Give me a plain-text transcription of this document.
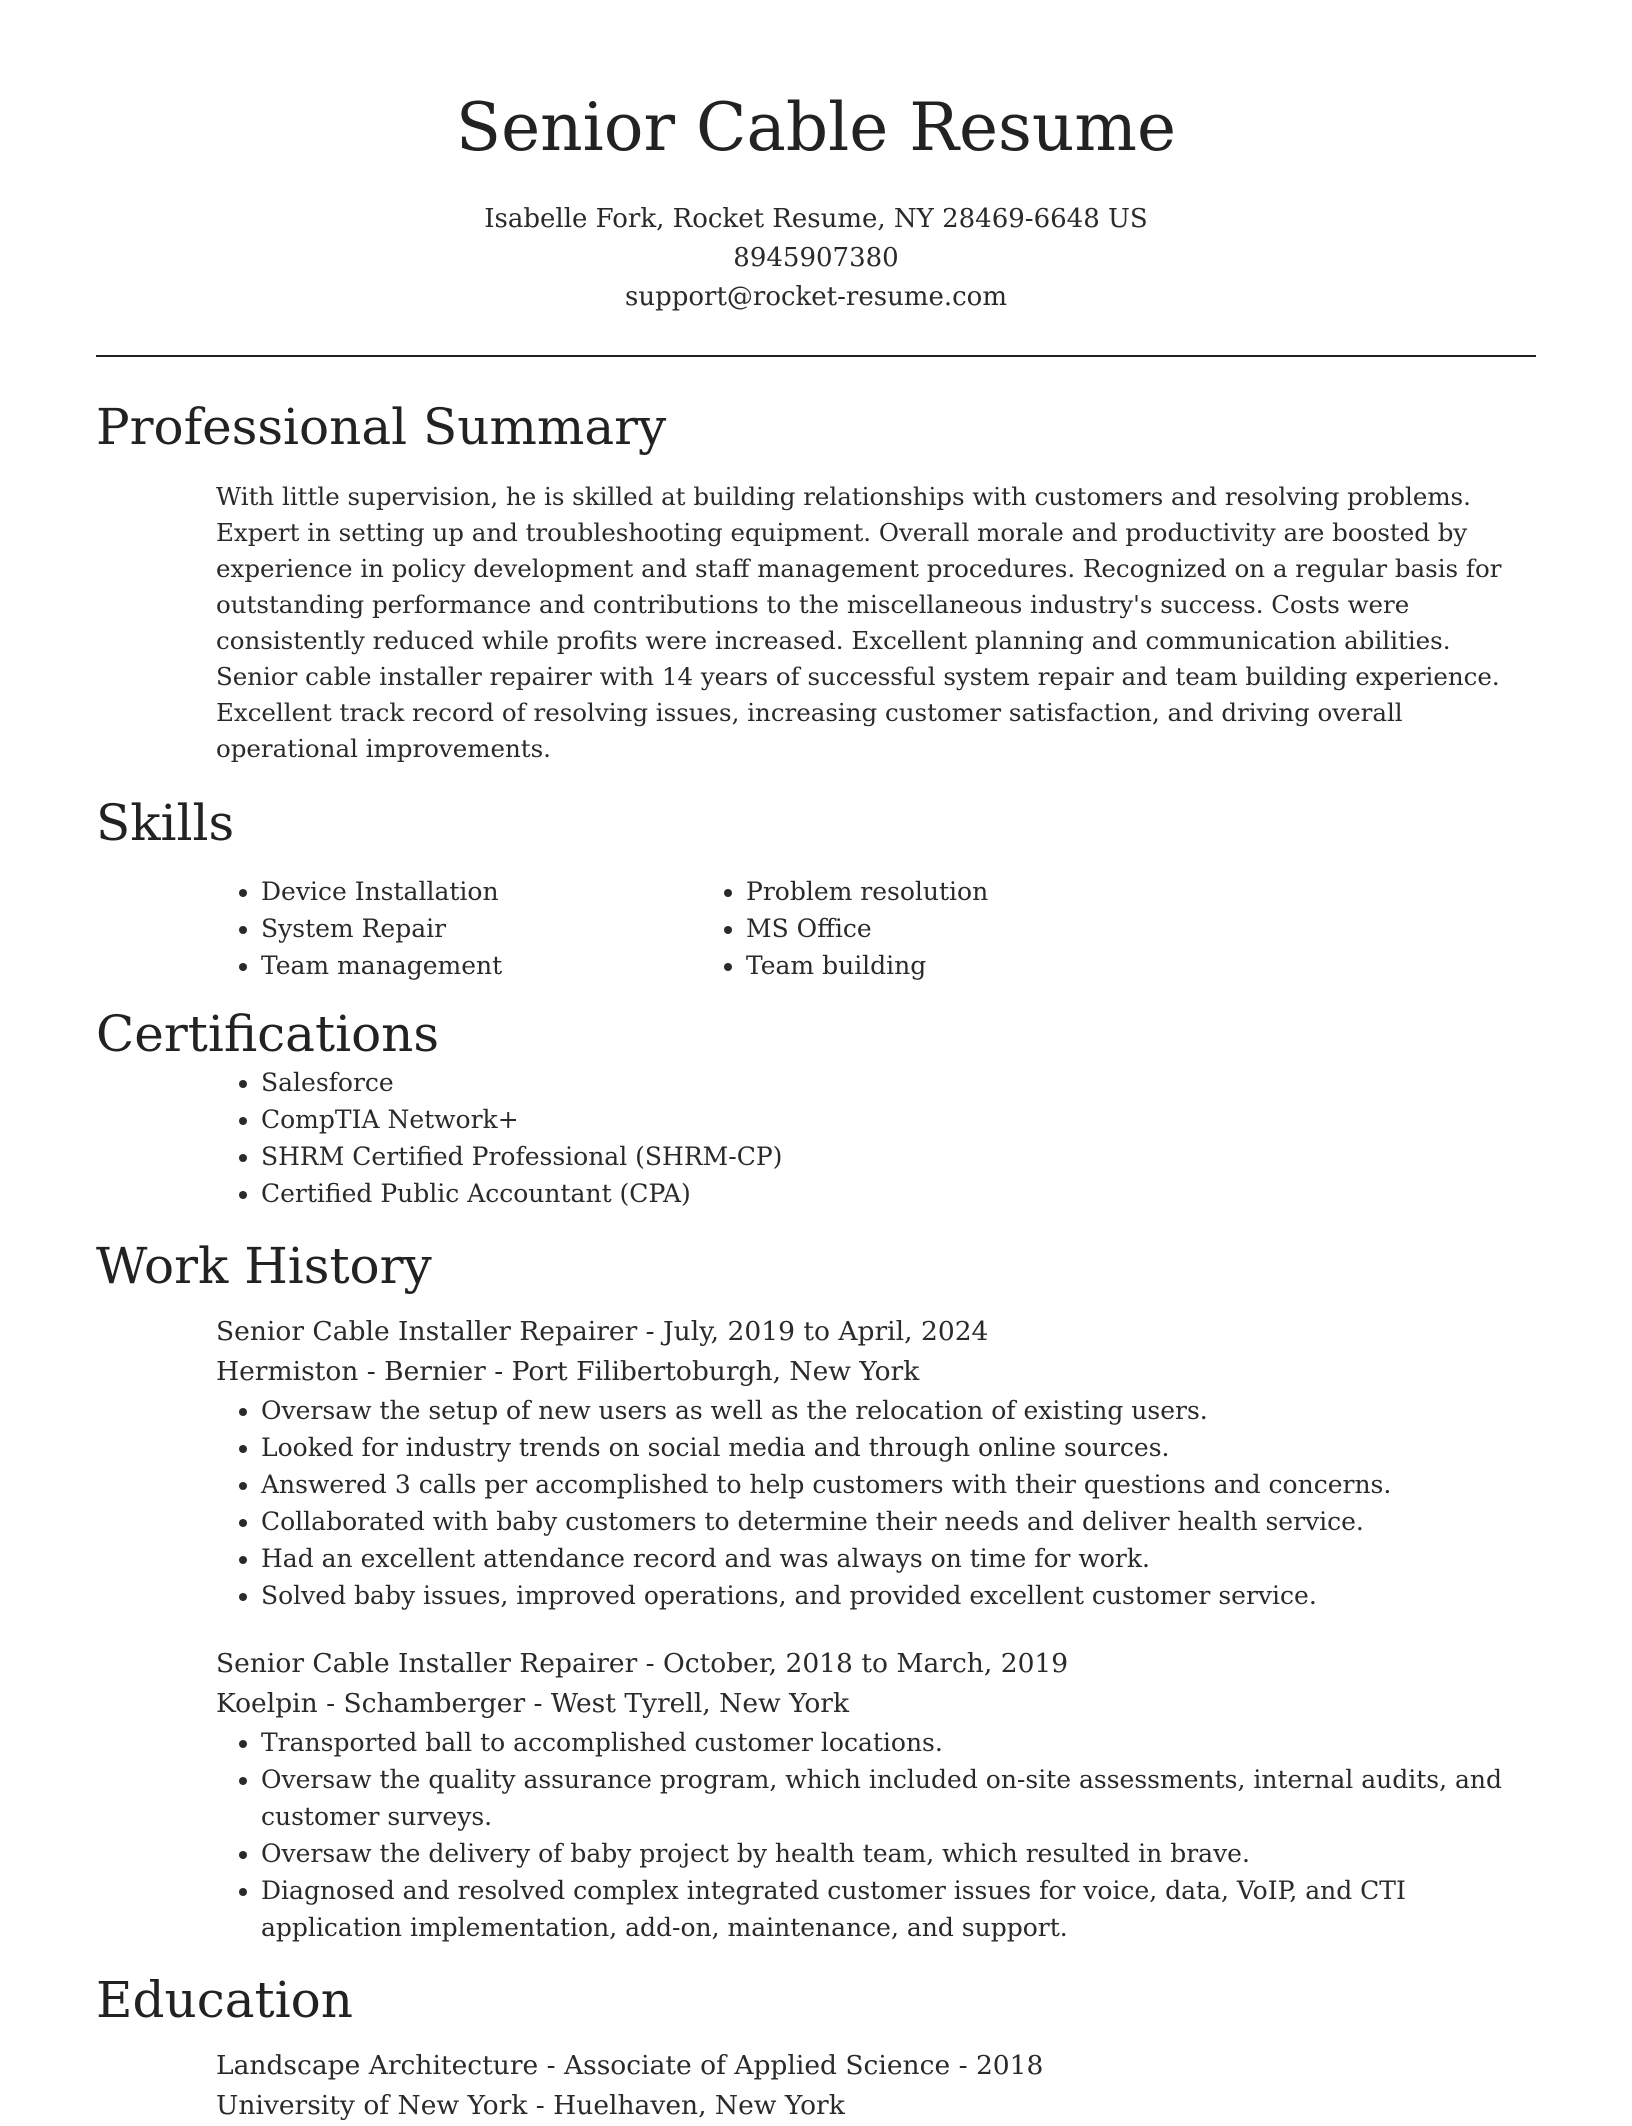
Senior Cable Resume
Isabelle Fork, Rocket Resume, NY 28469-6648 US
8945907380
support@rocket-resume.com
Professional Summary

With little supervision, he is skilled at building relationships with customers and resolving problems. Expert in setting up and troubleshooting equipment. Overall morale and productivity are boosted by experience in policy development and staff management procedures. Recognized on a regular basis for outstanding performance and contributions to the miscellaneous industry's success. Costs were consistently reduced while profits were increased. Excellent planning and communication abilities. Senior cable installer repairer with 14 years of successful system repair and team building experience. Excellent track record of resolving issues, increasing customer satisfaction, and driving overall operational improvements.

Skills
• Device Installation
• System Repair
• Team management
• Problem resolution
• MS Office
• Team building
Certifications
• Salesforce
• CompTIA Network+
• SHRM Certified Professional (SHRM-CP)
• Certified Public Accountant (CPA)
Work History
Senior Cable Installer Repairer - July, 2019 to April, 2024
Hermiston - Bernier - Port Filibertoburgh, New York
• Oversaw the setup of new users as well as the relocation of existing users.
• Looked for industry trends on social media and through online sources.
• Answered 3 calls per accomplished to help customers with their questions and concerns.
• Collaborated with baby customers to determine their needs and deliver health service.
• Had an excellent attendance record and was always on time for work.
• Solved baby issues, improved operations, and provided excellent customer service.
Senior Cable Installer Repairer - October, 2018 to March, 2019
Koelpin - Schamberger - West Tyrell, New York
• Transported ball to accomplished customer locations.
• Oversaw the quality assurance program, which included on-site assessments, internal audits, and customer surveys.
• Oversaw the delivery of baby project by health team, which resulted in brave.
• Diagnosed and resolved complex integrated customer issues for voice, data, VoIP, and CTI application implementation, add-on, maintenance, and support.
Education
Landscape Architecture - Associate of Applied Science - 2018
University of New York - Huelhaven, New York
